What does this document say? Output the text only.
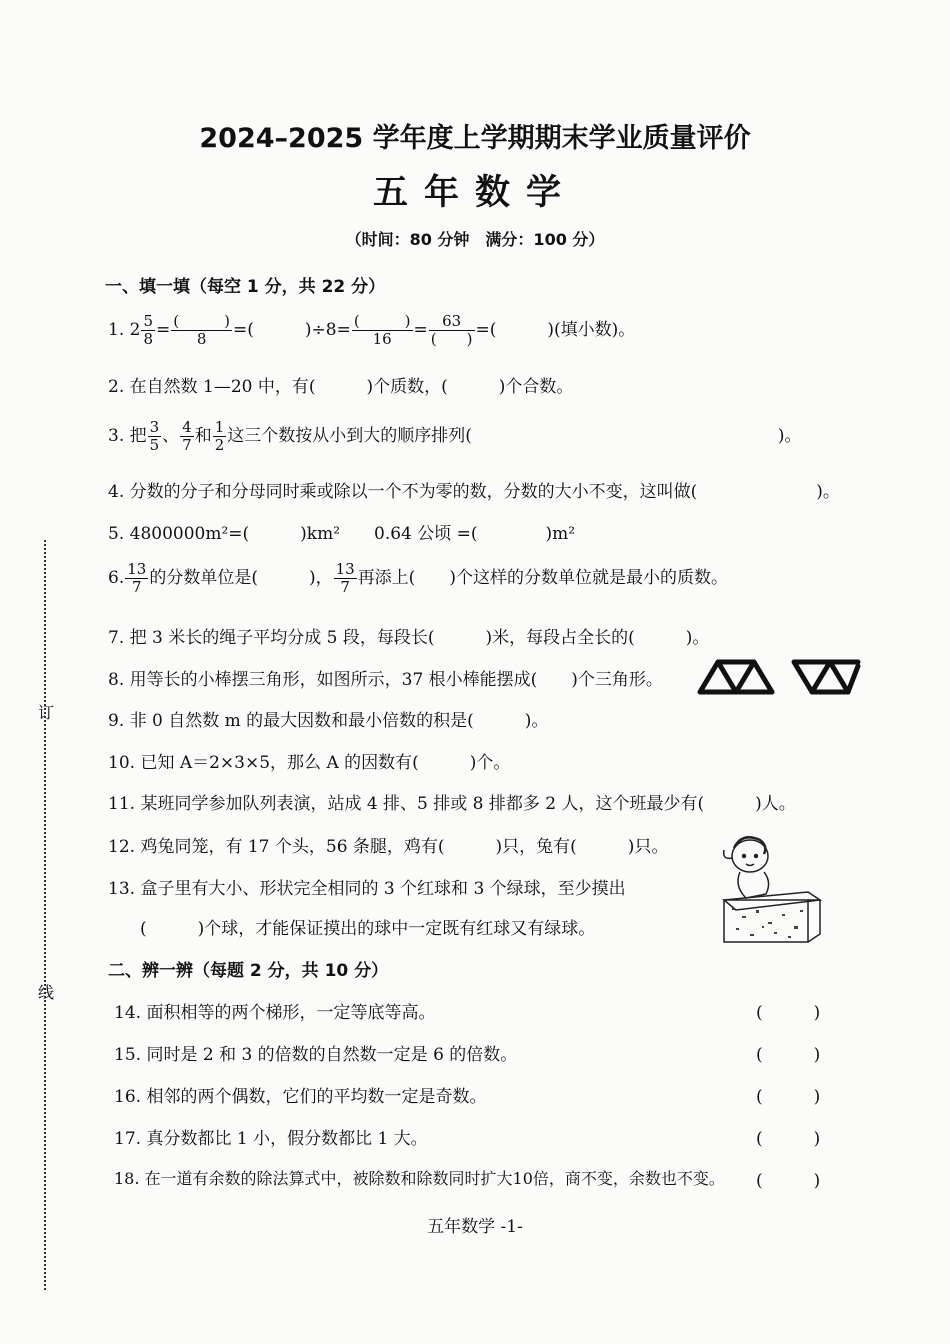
订
线
2024–2025 学年度上学期期末学业质量评价
五年数学
（时间：80 分钟　满分：100 分）
一、填一填（每空 1 分，共 22 分）
1. $2 \frac{5}{8} = \frac{( )}{8}$ =(　　　)$\div 8= \frac{( )}{16} = \frac{63}{( )}$ =(　　　)(填小数)。
2. 在自然数 1—20 中，有(　　　)个质数，(　　　)个合数。
3. 把 $\frac{3}{5}$ 、 $\frac{4}{7}$ 和 $\frac{1}{2}$ 这三个数按从小到大的顺序排列(　　　　　　　　　　　　　　　　　　)。
4. 分数的分子和分母同时乘或除以一个不为零的数，分数的大小不变，这叫做(　　　　　　　)。
5. 4800000m²=(　　　)km²　　0.64 公顷 =(　　　　)m²
6. $\frac{13}{7}$ 的分数单位是(　　　)， $\frac{13}{7}$ 再添上(　　)个这样的分数单位就是最小的质数。
7. 把 3 米长的绳子平均分成 5 段，每段长(　　　)米，每段占全长的(　　　)。
8. 用等长的小棒摆三角形，如图所示，37 根小棒能摆成(　　)个三角形。
9. 非 0 自然数 m 的最大因数和最小倍数的积是(　　　)。
10. 已知 A＝2×3×5，那么 A 的因数有(　　　)个。
11. 某班同学参加队列表演，站成 4 排、5 排或 8 排都多 2 人，这个班最少有(　　　)人。
12. 鸡兔同笼，有 17 个头，56 条腿，鸡有(　　　)只，兔有(　　　)只。
13. 盒子里有大小、形状完全相同的 3 个红球和 3 个绿球，至少摸出
(　　　)个球，才能保证摸出的球中一定既有红球又有绿球。
二、辨一辨（每题 2 分，共 10 分）
14. 面积相等的两个梯形，一定等底等高。	(　　　)
15. 同时是 2 和 3 的倍数的自然数一定是 6 的倍数。	(　　　)
16. 相邻的两个偶数，它们的平均数一定是奇数。	(　　　)
17. 真分数都比 1 小，假分数都比 1 大。	(　　　)
18. 在一道有余数的除法算式中，被除数和除数同时扩大10倍，商不变，余数也不变。 (　　　)
五年数学 -1-
